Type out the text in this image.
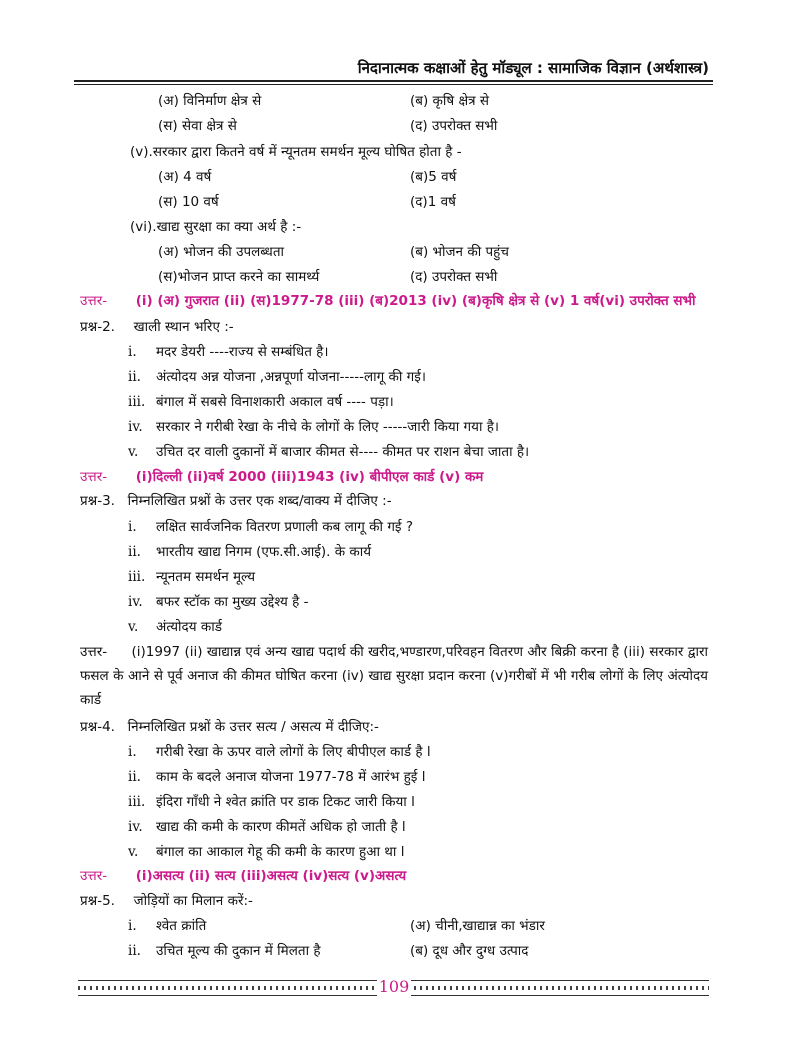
निदानात्मक कक्षाओं हेतु मॉड्यूल : सामाजिक विज्ञान (अर्थशास्त्र)
(अ) विनिर्माण क्षेत्र से	(ब) कृषि क्षेत्र से
(स) सेवा क्षेत्र से	(द) उपरोक्त सभी
(v).सरकार द्वारा कितने वर्ष में न्यूनतम समर्थन मूल्य घोषित होता है -
(अ) 4 वर्ष	(ब)5 वर्ष
(स) 10 वर्ष	(द)1 वर्ष
(vi).खाद्य सुरक्षा का क्या अर्थ है :-
(अ) भोजन की उपलब्धता	(ब) भोजन की पहुंच
(स)भोजन प्राप्त करने का सामर्थ्य	(द) उपरोक्त सभी
उत्तर- (i) (अ) गुजरात (ii) (स)1977-78 (iii) (ब)2013 (iv) (ब)कृषि क्षेत्र से (v) 1 वर्ष(vi) उपरोक्त सभी
प्रश्न-2. खाली स्थान भरिए :-
i. मदर डेयरी ----राज्य से सम्बंधित है।
ii. अंत्योदय अन्न योजना ,अन्नपूर्णा योजना-----लागू की गई।
iii. बंगाल में सबसे विनाशकारी अकाल वर्ष ---- पड़ा।
iv. सरकार ने गरीबी रेखा के नीचे के लोगों के लिए -----जारी किया गया है।
v. उचित दर वाली दुकानों में बाजार कीमत से---- कीमत पर राशन बेचा जाता है।
उत्तर- (i)दिल्ली (ii)वर्ष 2000 (iii)1943 (iv) बीपीएल कार्ड (v) कम
प्रश्न-3. निम्नलिखित प्रश्नों के उत्तर एक शब्द/वाक्य में दीजिए :-
i. लक्षित सार्वजनिक वितरण प्रणाली कब लागू की गई ?
ii. भारतीय खाद्य निगम (एफ.सी.आई). के कार्य
iii. न्यूनतम समर्थन मूल्य
iv. बफर स्टॉक का मुख्य उद्देश्य है -
v. अंत्योदय कार्ड
उत्तर- (i)1997 (ii) खाद्यान्न एवं अन्य खाद्य पदार्थ की खरीद,भण्डारण,परिवहन वितरण और बिक्री करना है (iii) सरकार द्वारा फसल के आने से पूर्व अनाज की कीमत घोषित करना (iv) खाद्य सुरक्षा प्रदान करना (v)गरीबों में भी गरीब लोगों के लिए अंत्योदय कार्ड
प्रश्न-4. निम्नलिखित प्रश्नों के उत्तर सत्य / असत्य में दीजिए:-
i. गरीबी रेखा के ऊपर वाले लोगों के लिए बीपीएल कार्ड है l
ii. काम के बदले अनाज योजना 1977-78 में आरंभ हुई l
iii. इंदिरा गाँधी ने श्वेत क्रांति पर डाक टिकट जारी किया l
iv. खाद्य की कमी के कारण कीमतें अधिक हो जाती है l
v. बंगाल का आकाल गेहू की कमी के कारण हुआ था l
उत्तर- (i)असत्य (ii) सत्य (iii)असत्य (iv)सत्य (v)असत्य
प्रश्न-5. जोड़ियों का मिलान करें:-
i. श्वेत क्रांति	(अ) चीनी,खाद्यान्न का भंडार
ii. उचित मूल्य की दुकान में मिलता है	(ब) दूध और दुग्ध उत्पाद
109
